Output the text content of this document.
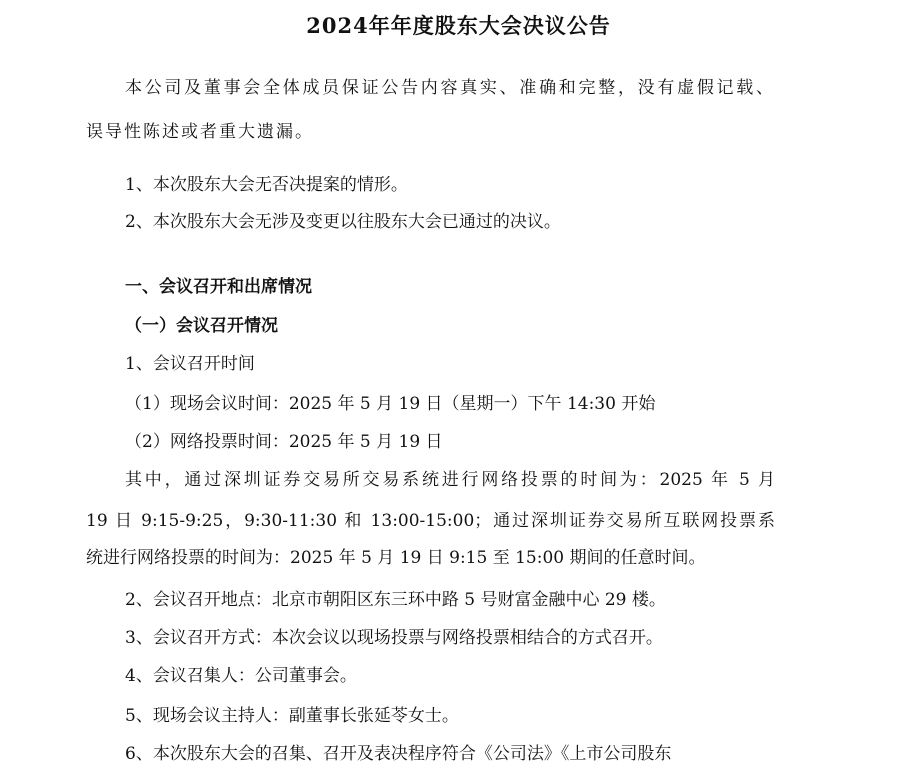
2024年年度股东大会决议公告
本公司及董事会全体成员保证公告内容真实、准确和完整，没有虚假记载、
误导性陈述或者重大遗漏。
1、本次股东大会无否决提案的情形。
2、本次股东大会无涉及变更以往股东大会已通过的决议。
一、会议召开和出席情况
（一）会议召开情况
1、会议召开时间
（1）现场会议时间：2025 年 5 月 19 日（星期一）下午 14:30 开始
（2）网络投票时间：2025 年 5 月 19 日
其中，通过深圳证券交易所交易系统进行网络投票的时间为：2025 年 5 月
19 日 9:15-9:25，9:30-11:30 和 13:00-15:00；通过深圳证券交易所互联网投票系
统进行网络投票的时间为：2025 年 5 月 19 日 9:15 至 15:00 期间的任意时间。
2、会议召开地点：北京市朝阳区东三环中路 5 号财富金融中心 29 楼。
3、会议召开方式：本次会议以现场投票与网络投票相结合的方式召开。
4、会议召集人：公司董事会。
5、现场会议主持人：副董事长张延苓女士。
6、本次股东大会的召集、召开及表决程序符合《公司法》《上市公司股东
